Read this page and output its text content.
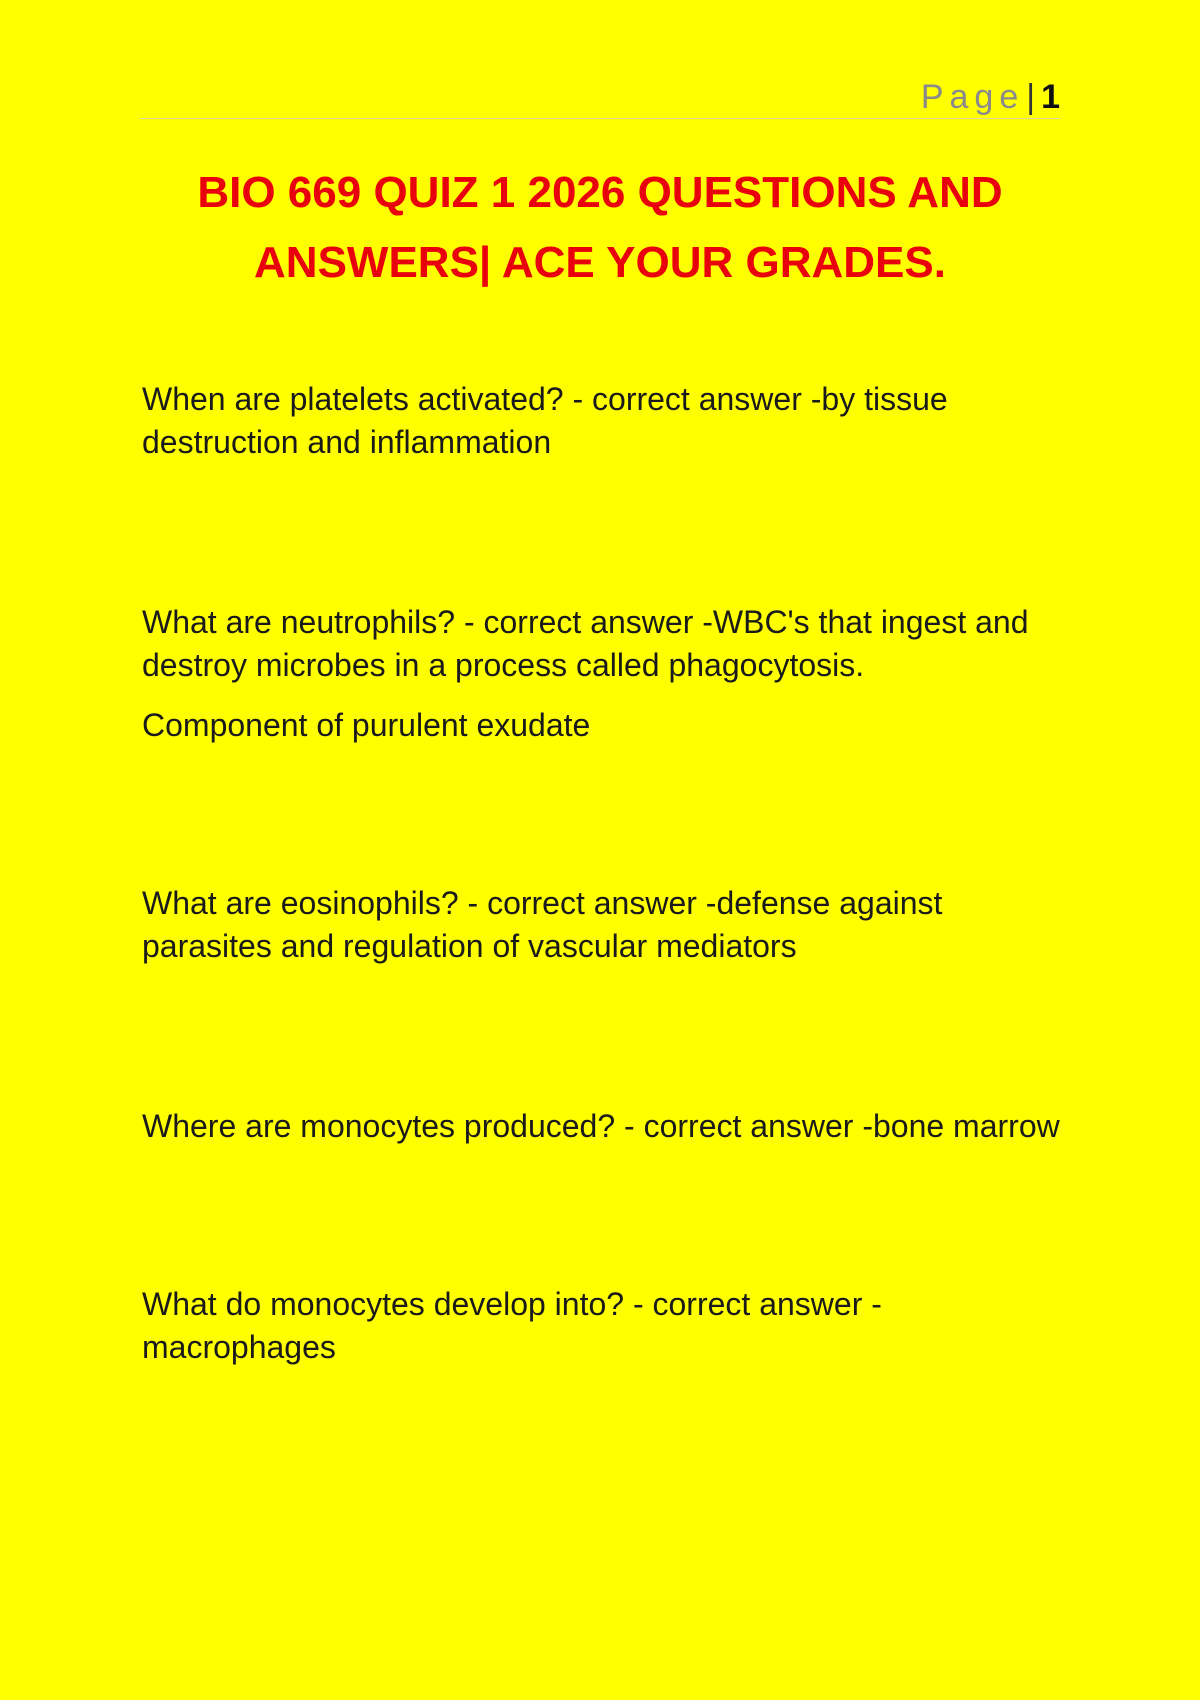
Page| 1
BIO 669 QUIZ 1 2026 QUESTIONS AND ANSWERS| ACE YOUR GRADES.

When are platelets activated? - correct answer -by tissue destruction and inflammation

What are neutrophils? - correct answer -WBC's that ingest and destroy microbes in a process called phagocytosis.

Component of purulent exudate

What are eosinophils? - correct answer -defense against parasites and regulation of vascular mediators

Where are monocytes produced? - correct answer -bone marrow

What do monocytes develop into? - correct answer -macrophages
